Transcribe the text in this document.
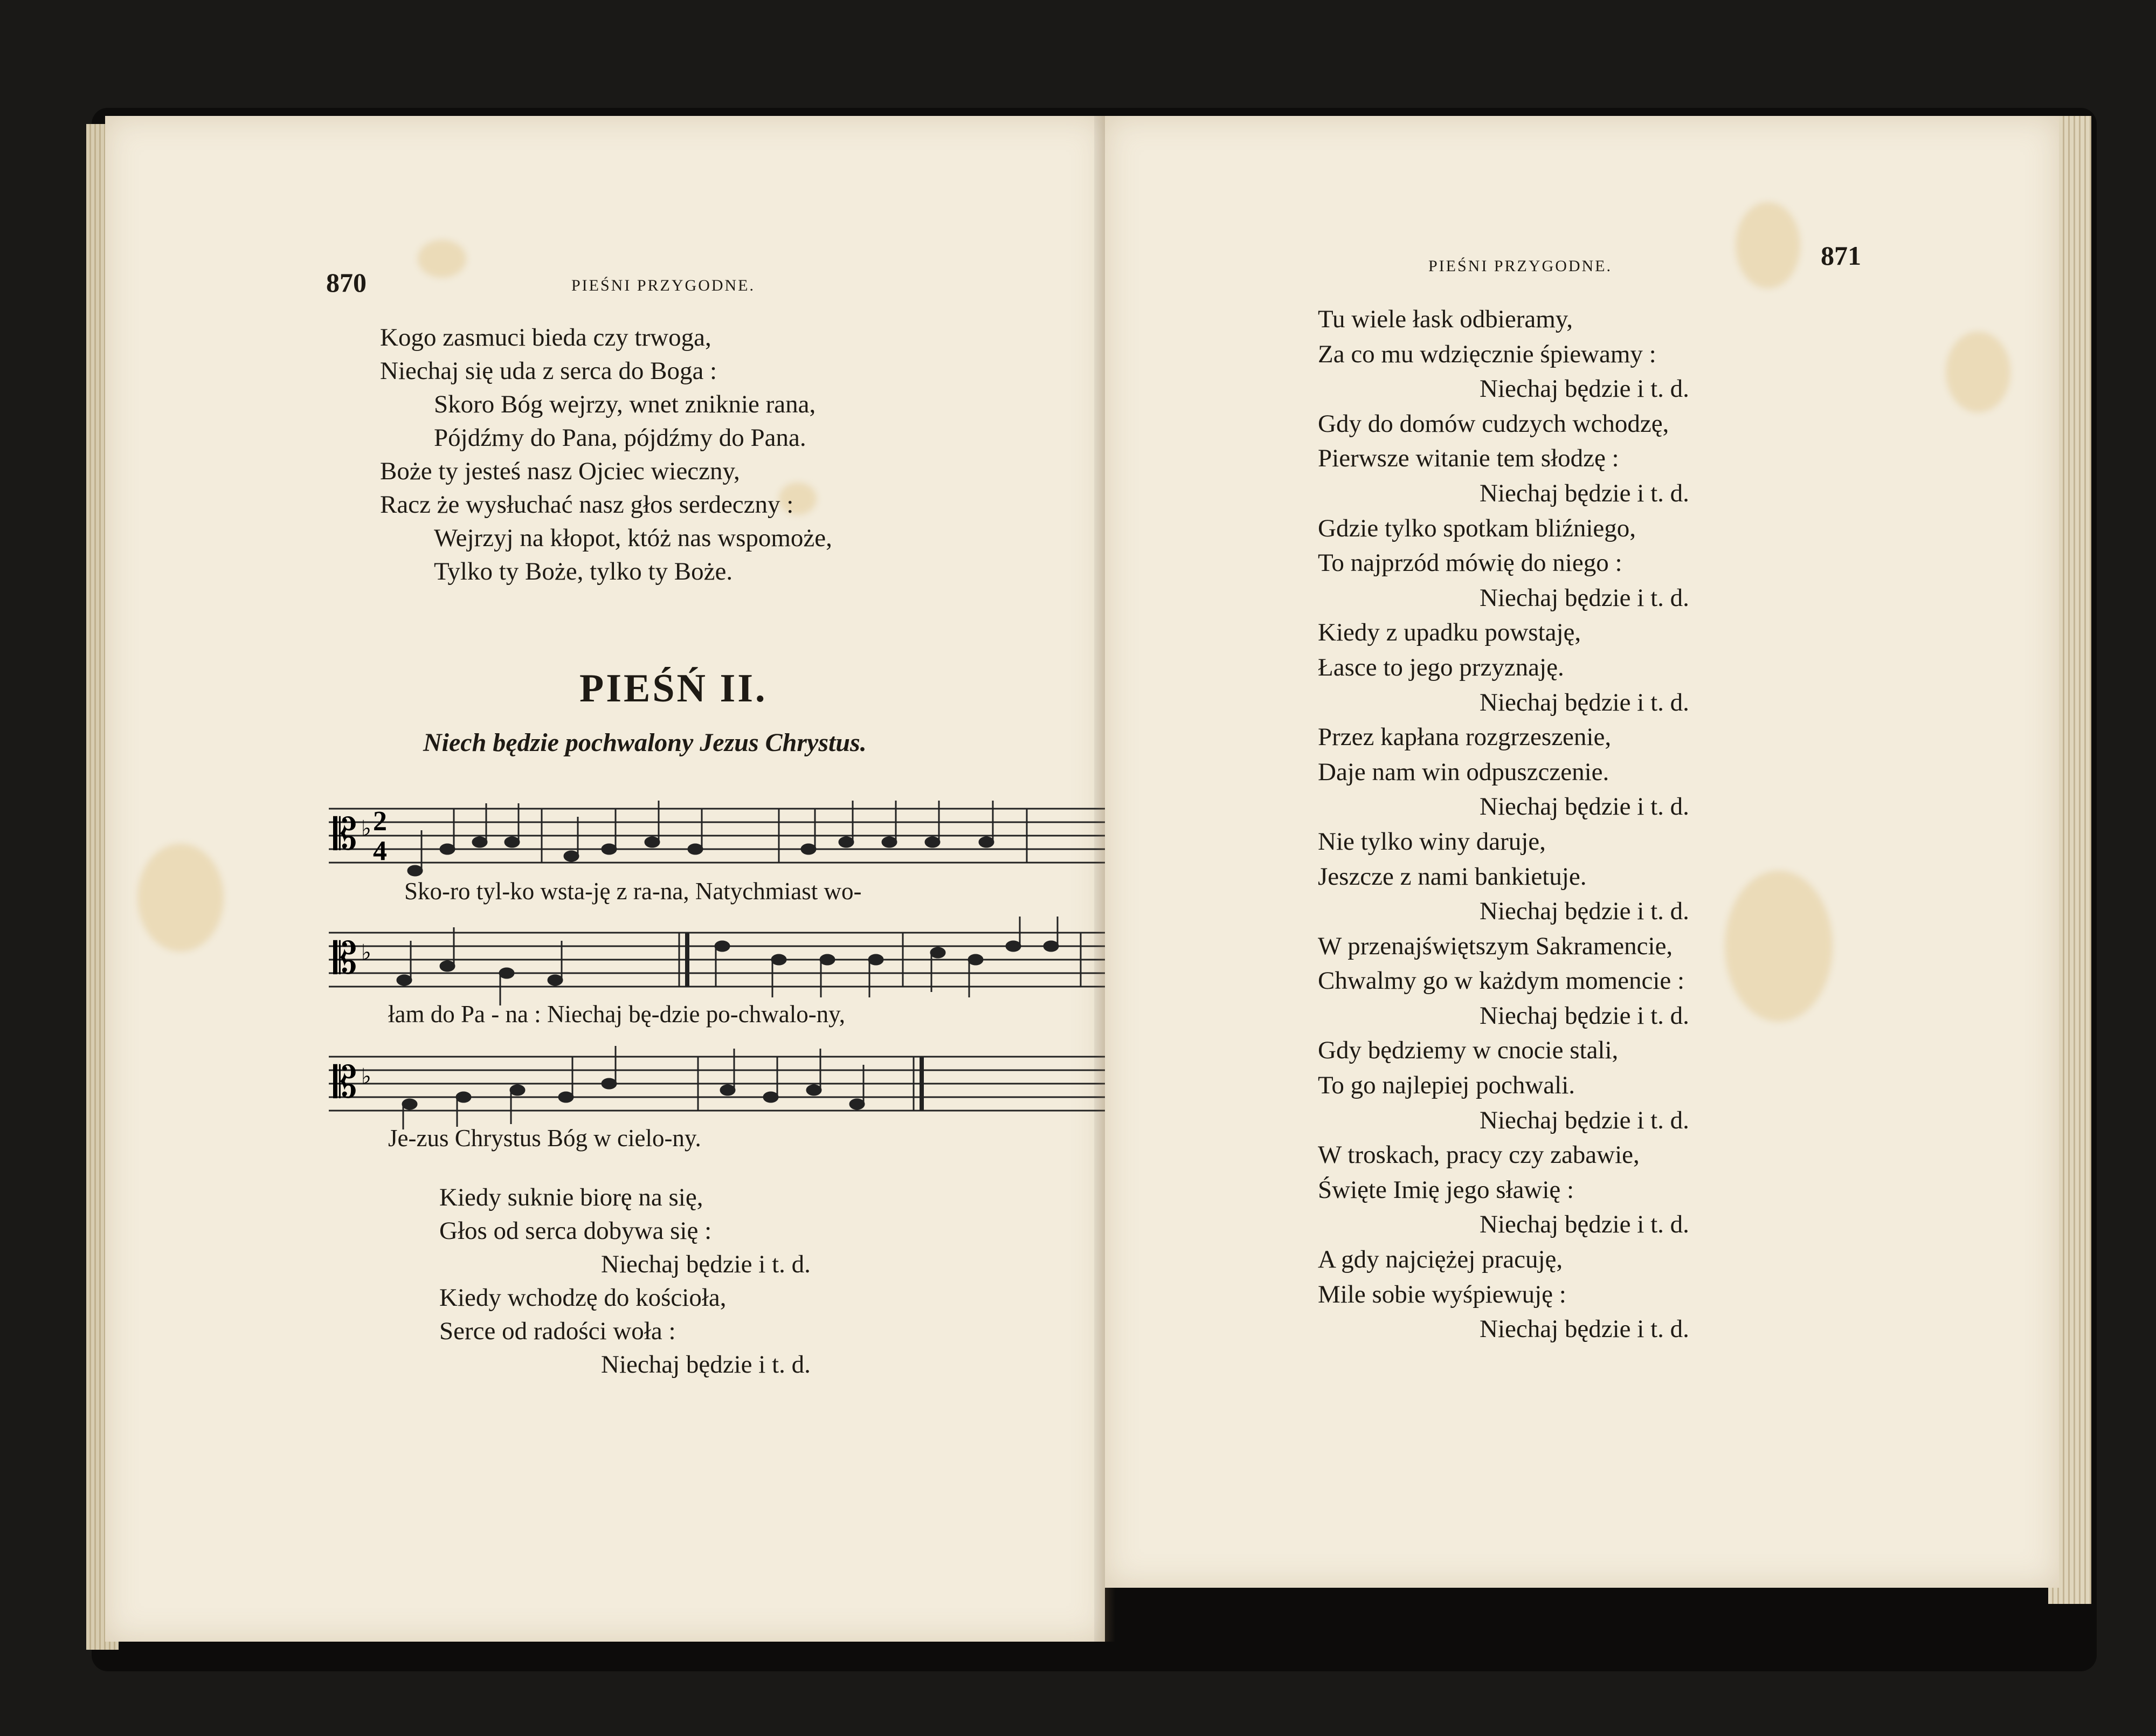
870	PIEŚNI PRZYGODNE.
Kogo zasmuci bieda czy trwoga,
Niechaj się uda z serca do Boga :
Skoro Bóg wejrzy, wnet zniknie rana,
Pójdźmy do Pana, pójdźmy do Pana.
Boże ty jesteś nasz Ojciec wieczny,
Racz że wysłuchać nasz głos serdeczny :
Wejrzyj na kłopot, któż nas wspomoże,
Tylko ty Boże, tylko ty Boże.
PIEŚŃ II.
Niech będzie pochwalony Jezus Chrystus.
𝄡 ♭ 2
4
Sko-ro tyl-ko wsta-ję z ra-na, Natychmiast wo-
𝄡 ♭
łam do Pa - na : Niechaj bę-dzie po-chwalo-ny,
𝄡 ♭
Je-zus Chrystus Bóg w cielo-ny.
Kiedy suknie biorę na się,
Głos od serca dobywa się :
Niechaj będzie i t. d.
Kiedy wchodzę do kościoła,
Serce od radości woła :
Niechaj będzie i t. d.
PIEŚNI PRZYGODNE.	871
Tu wiele łask odbieramy,
Za co mu wdzięcznie śpiewamy :
Niechaj będzie i t. d.
Gdy do domów cudzych wchodzę,
Pierwsze witanie tem słodzę :
Niechaj będzie i t. d.
Gdzie tylko spotkam bliźniego,
To najprzód mówię do niego :
Niechaj będzie i t. d.
Kiedy z upadku powstaję,
Łasce to jego przyznaję.
Niechaj będzie i t. d.
Przez kapłana rozgrzeszenie,
Daje nam win odpuszczenie.
Niechaj będzie i t. d.
Nie tylko winy daruje,
Jeszcze z nami bankietuje.
Niechaj będzie i t. d.
W przenajświętszym Sakramencie,
Chwalmy go w każdym momencie :
Niechaj będzie i t. d.
Gdy będziemy w cnocie stali,
To go najlepiej pochwali.
Niechaj będzie i t. d.
W troskach, pracy czy zabawie,
Święte Imię jego sławię :
Niechaj będzie i t. d.
A gdy najciężej pracuję,
Mile sobie wyśpiewuję :
Niechaj będzie i t. d.
